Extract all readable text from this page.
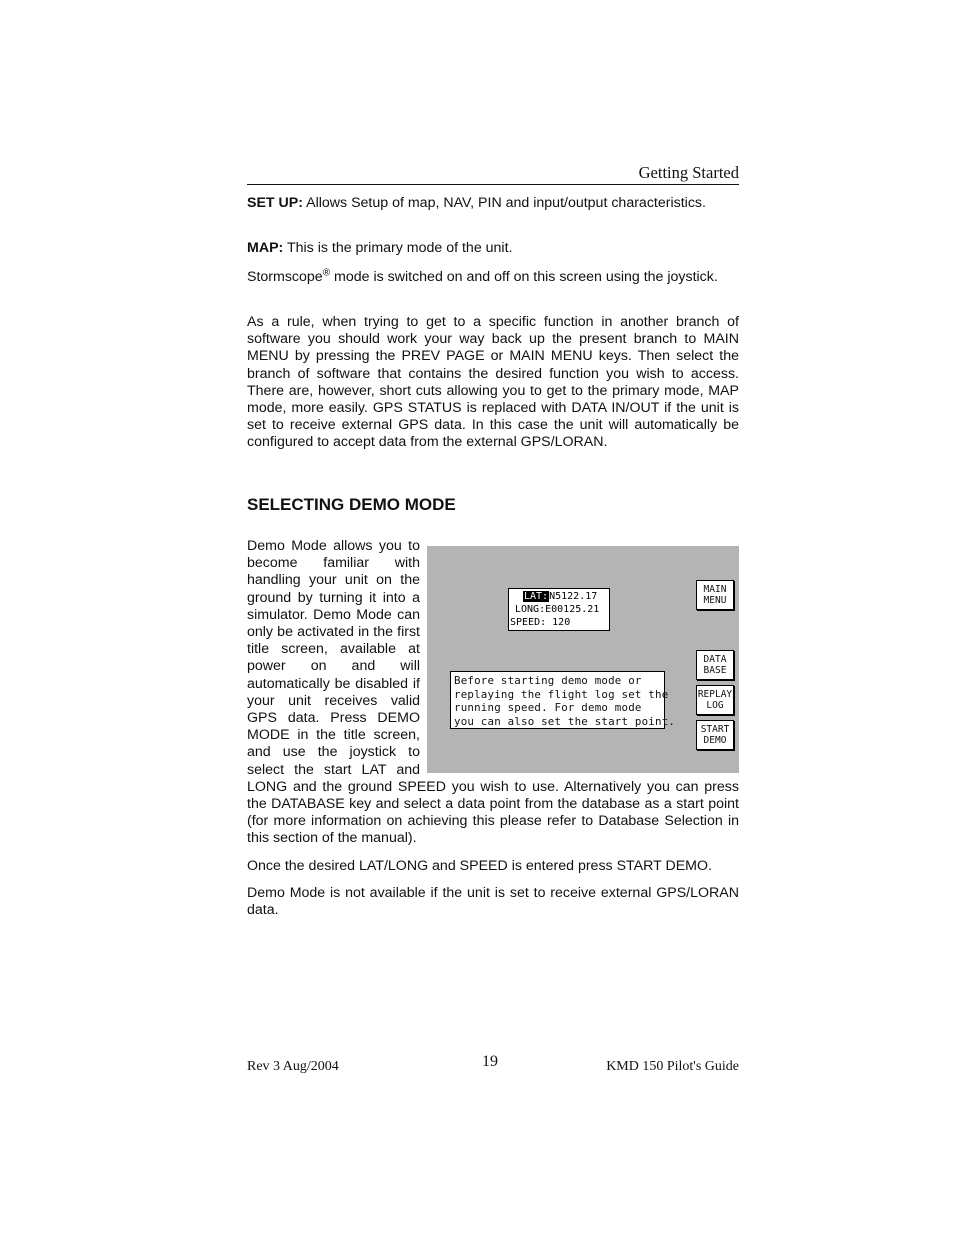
Getting Started

SET UP: Allows Setup of map, NAV, PIN and input/output characteristics.

MAP: This is the primary mode of the unit.

Stormscope® mode is switched on and off on this screen using the joystick.

As a rule, when trying to get to a specific function in another branch of software you should work your way back up the present branch to MAIN MENU by pressing the PREV PAGE or MAIN MENU keys. Then select the branch of software that contains the desired function you wish to access. There are, however, short cuts allowing you to get to the primary mode, MAP mode, more easily. GPS STATUS is replaced with DATA IN/OUT if the unit is set to receive external GPS data. In this case the unit will automatically be configured to accept data from the external GPS/LORAN.

SELECTING DEMO MODE

Demo Mode allows you to become familiar with handling your unit on the ground by turning it into a simulator. Demo Mode can only be activated in the first title screen, available at power on and will automatically be disabled if your unit receives valid GPS data. Press DEMO MODE in the title screen, and use the joystick to select the start LAT and LONG and the ground SPEED you wish to use. Alternatively you can press the DATABASE key and select a data point from the database as a start point (for more information on achieving this please refer to Database Selection in this section of the manual).

Once the desired LAT/LONG and SPEED is entered press START DEMO.

Demo Mode is not available if the unit is set to receive external GPS/LORAN data.

LAT:N5122.17
LONG:E00125.21
SPEED: 120
Before starting demo mode or
replaying the flight log set the
running speed. For demo mode
you can also set the start point.
MAIN
MENU
DATA
BASE
REPLAY
LOG
START
DEMO
Rev 3 Aug/2004	19	KMD 150 Pilot's Guide
